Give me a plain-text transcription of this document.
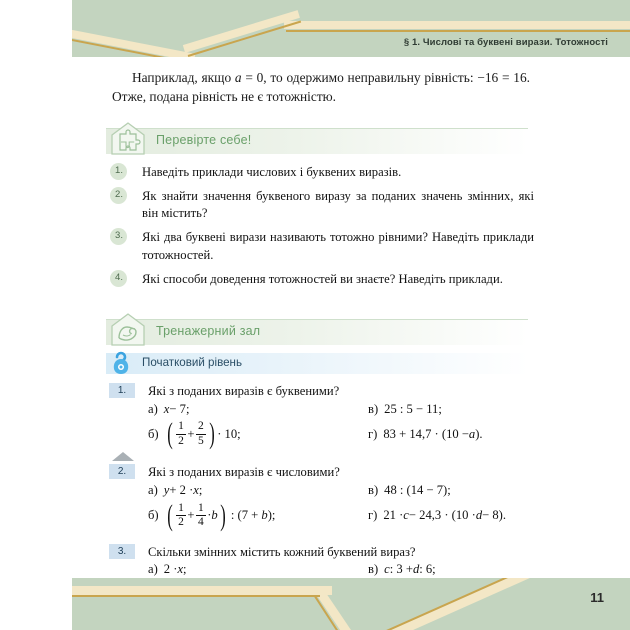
§ 1. Числові та буквені вирази. Тотожності

Наприклад, якщо a = 0, то одержимо неправильну рівність: −16 = 16. Отже, подана рівність не є тотожністю.

Перевірте себе!
1.	Наведіть приклади числових і буквених виразів.
2.	Як знайти значення буквеного виразу за поданих значень змінних, які він містить?
3.	Які два буквені вирази називають тотожно рівними? Наведіть приклади тотожностей.
4.	Які способи доведення тотожностей ви знаєте? Наведіть приклади.
Тренажерний зал
Початковий рівень
1.	Які з поданих виразів є буквеними?
а) x − 7;	в) 25 : 5 − 11;
б) ( $\frac{1}{2} + \frac{2}{5}$ ) · 10;	г) 83 + 14,7 · (10 − a ).
2.	Які з поданих виразів є числовими?
а) y + 2 · x ;	в) 48 : (14 − 7);
б) ( $\frac{1}{2} + \frac{1}{4} \cdot b$ ) : (7 + b );	г) 21 · c − 24,3 · (10 · d − 8).
3.	Скільки змінних містить кожний буквений вираз?
а) 2 · x ;	в) c : 3 + d : 6;
11
